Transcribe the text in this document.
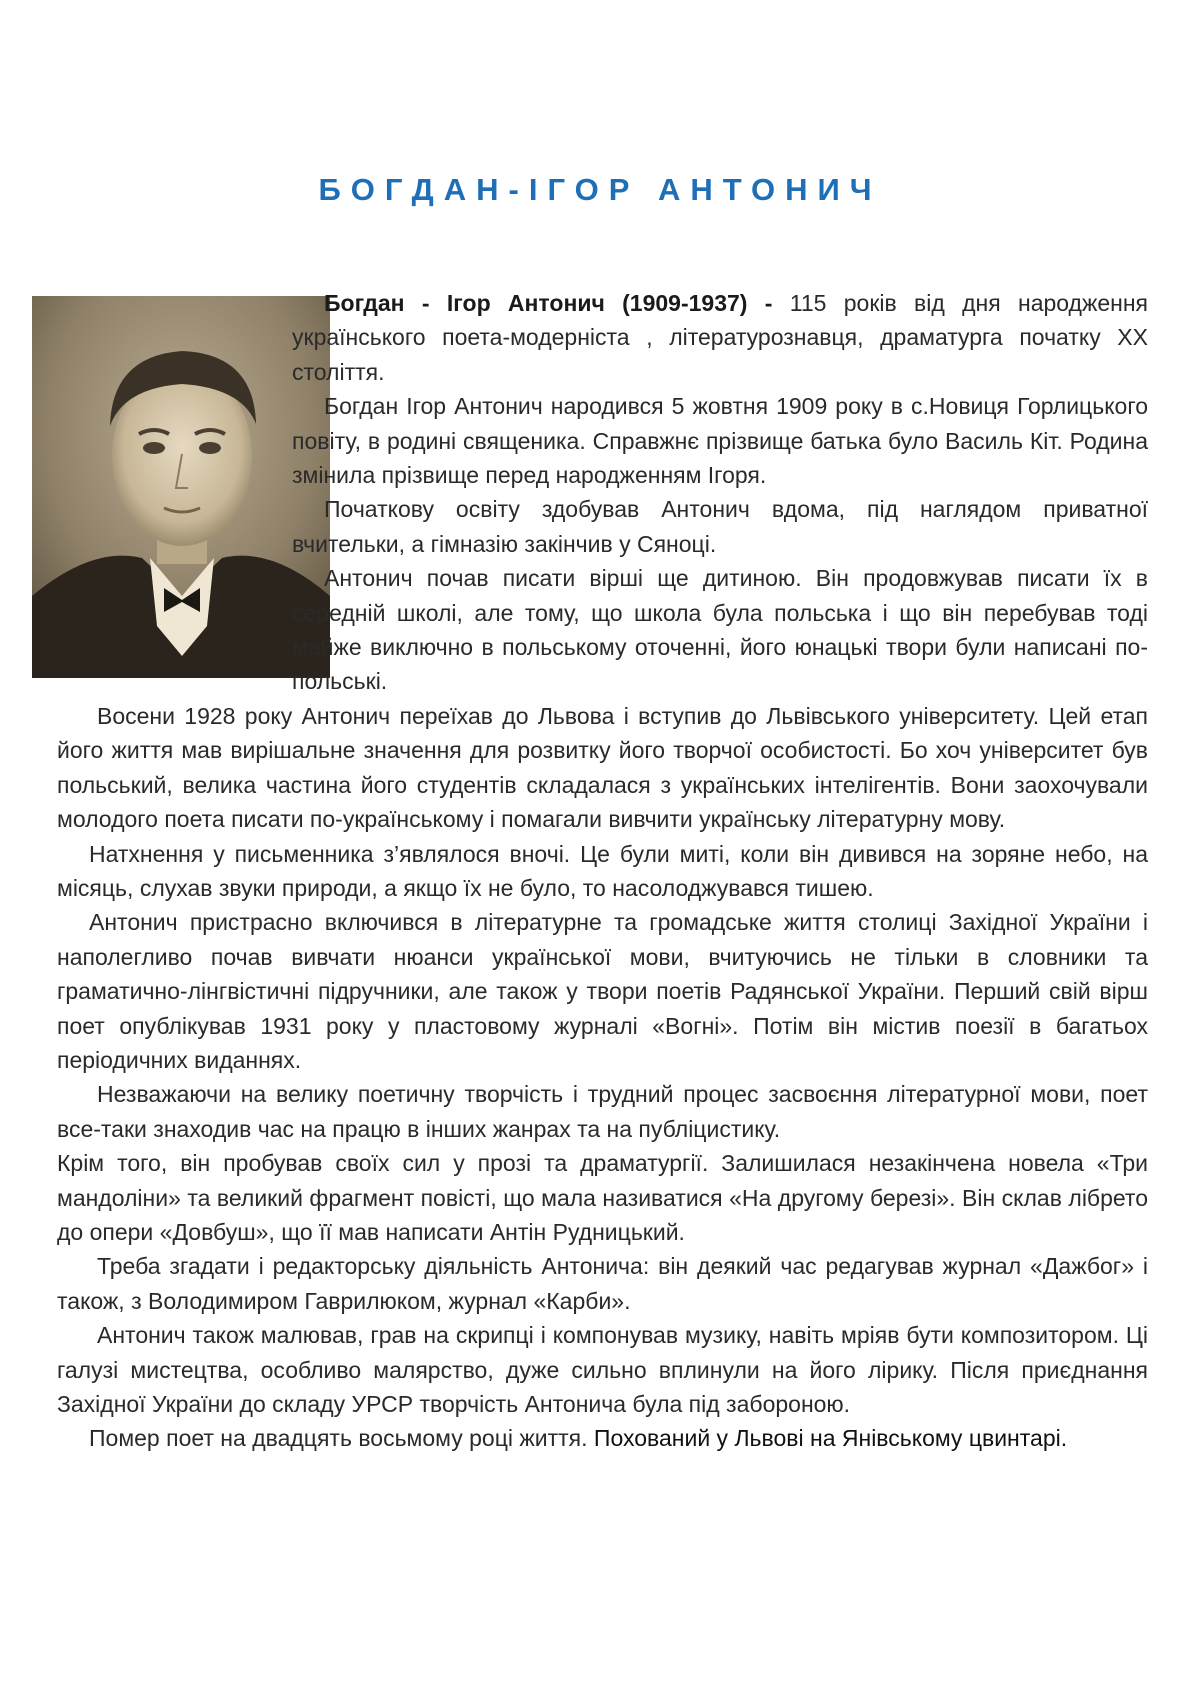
БОГДАН-ІГОР АНТОНИЧ

Богдан - Ігор Антонич (1909-1937) - 115 років від дня народження українського поета-модерніста , літературознавця, драматурга початку ХХ століття.

Богдан Ігор Антонич народився 5 жовтня 1909 року в с.Новиця Горлицького повіту, в родині священика. Справжнє прізвище батька було Василь Кіт. Родина змінила прізвище перед народженням Ігоря.

Початкову освіту здобував Антонич вдома, під наглядом приватної вчительки, а гімназію закінчив у Сяноці.

Антонич почав писати вірші ще дитиною. Він продовжував писати їх в середній школі, але тому, що школа була польська і що він перебував тоді майже виключно в польському оточенні, його юнацькі твори були написані по-польські.

Восени 1928 року Антонич переїхав до Львова і вступив до Львівського університету. Цей етап його життя мав вирішальне значення для розвитку його творчої особистості. Бо хоч університет був польський, велика частина його студентів складалася з українських інтелігентів. Вони заохочували молодого поета писати по-українському і помагали вивчити українську літературну мову.

Натхнення у письменника з’являлося вночі. Це були миті, коли він дивився на зоряне небо, на місяць, слухав звуки природи, а якщо їх не було, то насолоджувався тишею.

Антонич пристрасно включився в літературне та громадське життя столиці Західної України і наполегливо почав вивчати нюанси української мови, вчитуючись не тільки в словники та граматично-лінгвістичні підручники, але також у твори поетів Радянської України. Перший свій вірш поет опублікував 1931 року у пластовому журналі «Вогні». Потім він містив поезії в багатьох періодичних виданнях.

Незважаючи на велику поетичну творчість і трудний процес засвоєння літературної мови, поет все-таки знаходив час на працю в інших жанрах та на публіцистику.

Крім того, він пробував своїх сил у прозі та драматургії. Залишилася незакінчена новела «Три мандоліни» та великий фрагмент повісті, що мала називатися «На другому березі». Він склав лібрето до опери «Довбуш», що її мав написати Антін Рудницький.

Треба згадати і редакторську діяльність Антонича: він деякий час редагував журнал «Дажбог» і також, з Володимиром Гаврилюком, журнал «Карби».

Антонич також малював, грав на скрипці і компонував музику, навіть мріяв бути композитором. Ці галузі мистецтва, особливо малярство, дуже сильно вплинули на його лірику. Після приєднання Західної України до складу УРСР творчість Антонича була під забороною.

Помер поет на двадцять восьмому році життя. Похований у Львові на Янівському цвинтарі.
